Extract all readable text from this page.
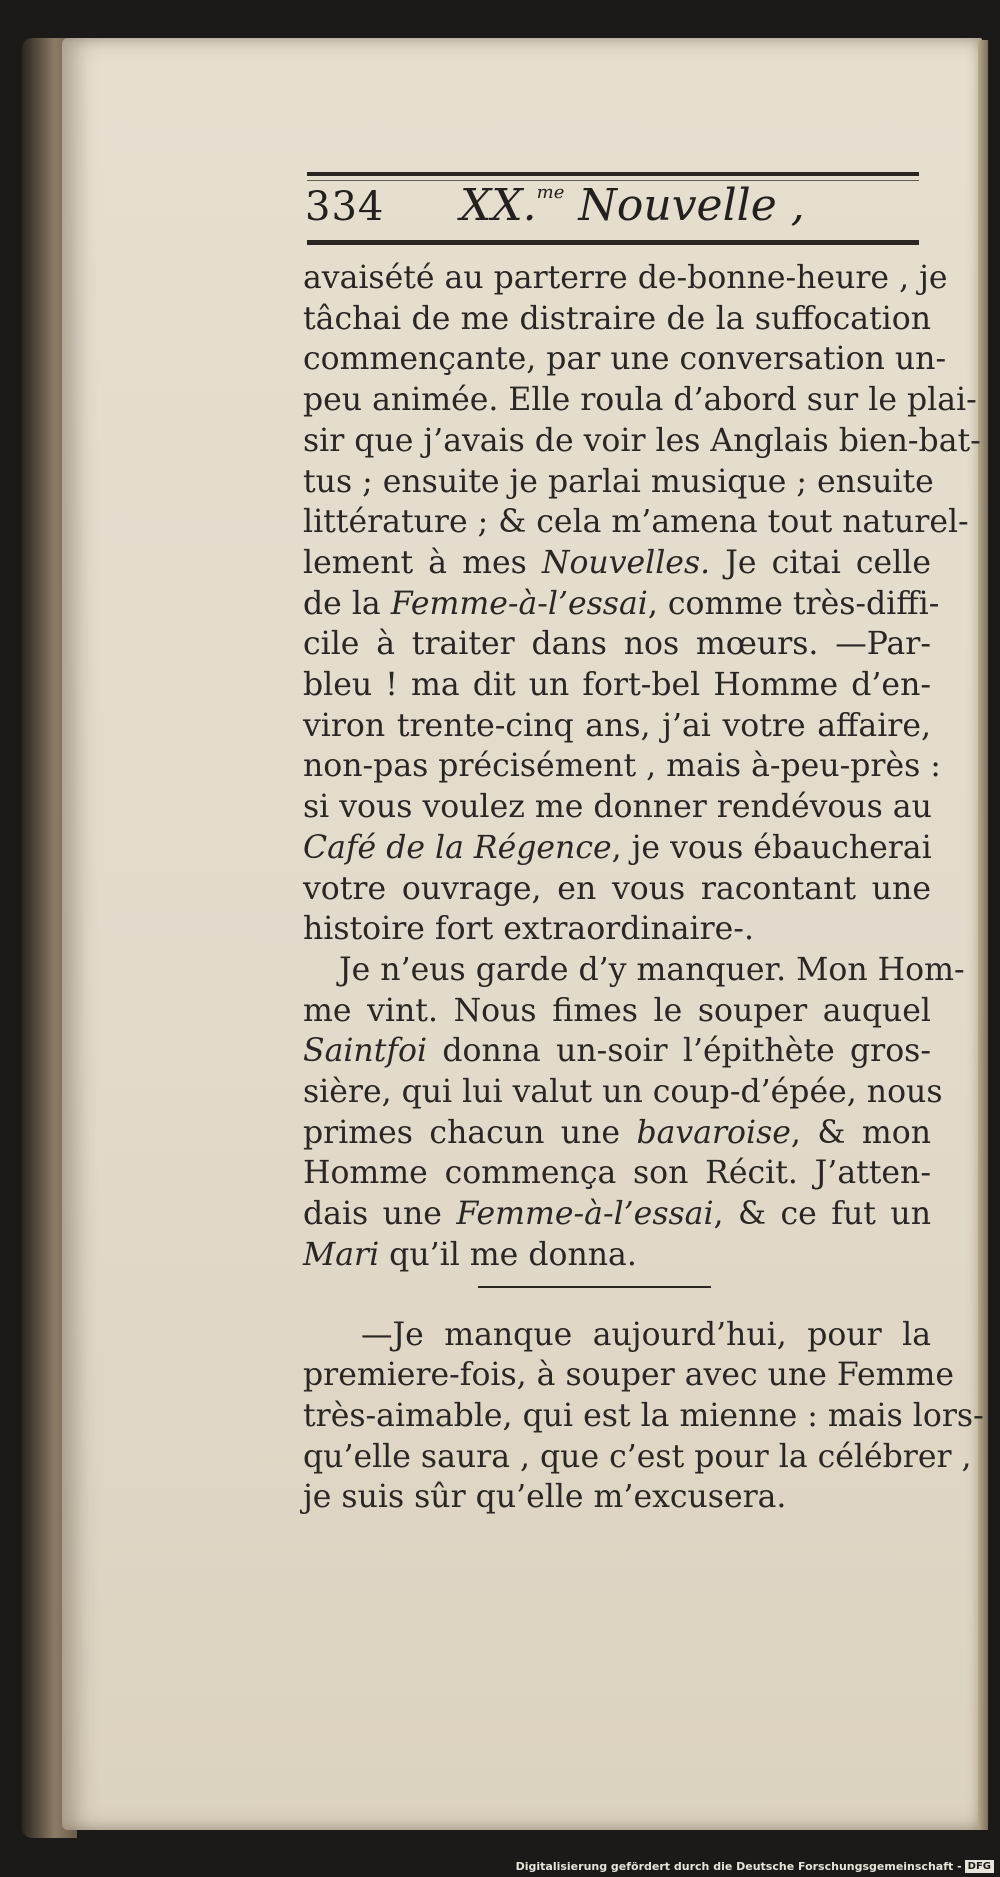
334 XX.$^{me}$ Nouvelle ,
avaisété au parterre de-bonne-heure , je
tâchai de me distraire de la suffocation
commençante, par une conversation un-
peu animée. Elle roula d’abord sur le plai-
sir que j’avais de voir les Anglais bien-bat-
tus ; ensuite je parlai musique ; ensuite
littérature ; & cela m’amena tout naturel-
lement à mes Nouvelles. Je citai celle
de la Femme-à-l’essai, comme très-diffi-
cile à traiter dans nos mœurs. —Par-
bleu ! ma dit un fort-bel Homme d’en-
viron trente-cinq ans, j’ai votre affaire,
non-pas précisément , mais à-peu-près :
si vous voulez me donner rendévous au
Café de la Régence, je vous ébaucherai
votre ouvrage, en vous racontant une
histoire fort extraordinaire-.
Je n’eus garde d’y manquer. Mon Hom-
me vint. Nous fimes le souper auquel
Saintfoi donna un-soir l’épithète gros-
sière, qui lui valut un coup-d’épée, nous
primes chacun une bavaroise, & mon
Homme commença son Récit. J’atten-
dais une Femme-à-l’essai, & ce fut un
Mari qu’il me donna.
—Je manque aujourd’hui, pour la
premiere-fois, à souper avec une Femme
très-aimable, qui est la mienne : mais lors-
qu’elle saura , que c’est pour la célébrer ,
je suis sûr qu’elle m’excusera.
Digitalisierung gefördert durch die Deutsche Forschungsgemeinschaft - DFG
